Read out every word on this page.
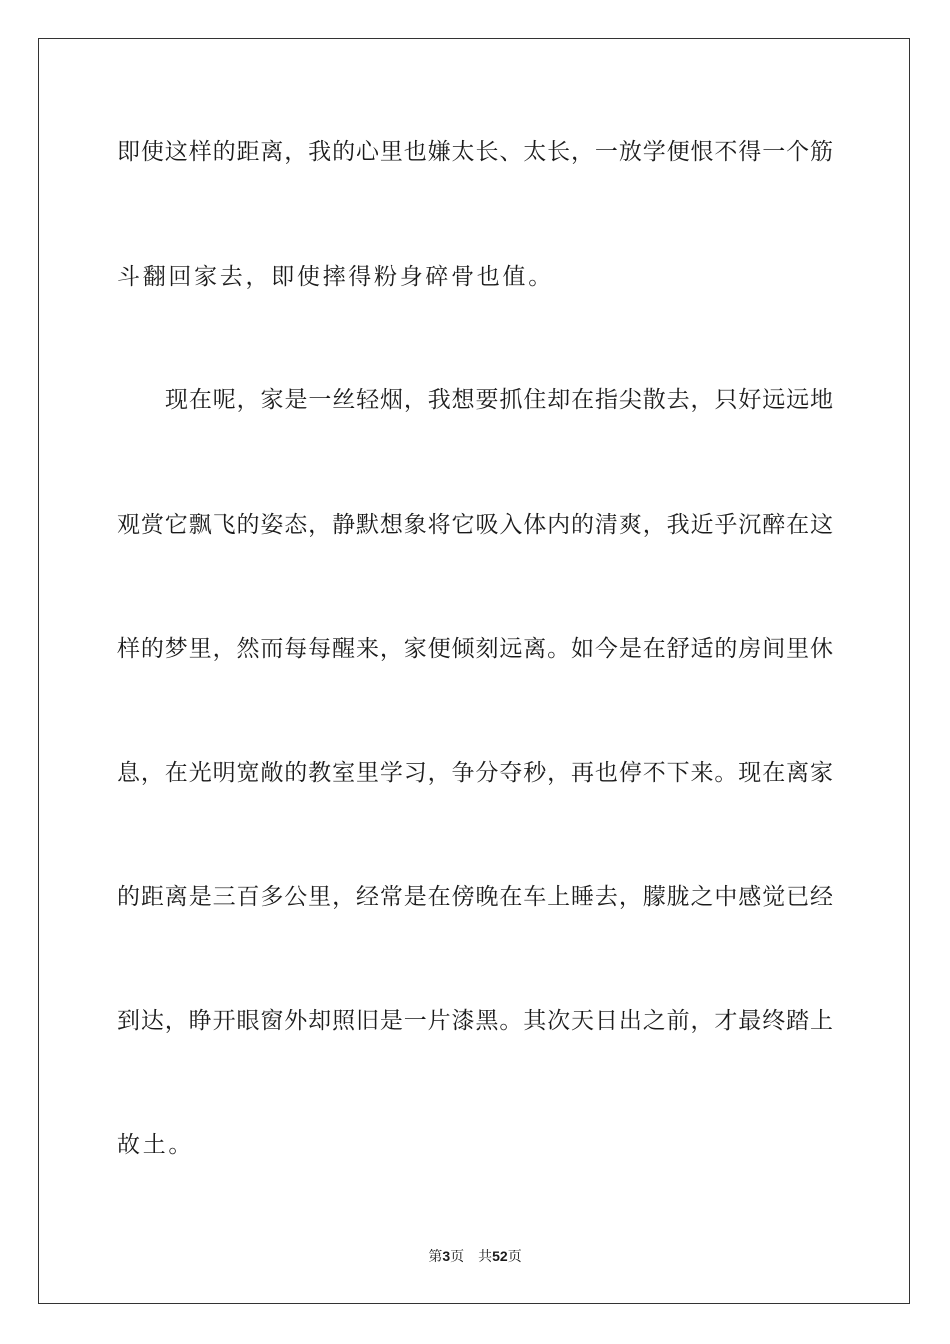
即使这样的距离，我的心里也嫌太长、太长，一放学便恨不得一个筋
斗翻回家去，即使摔得粉身碎骨也值。
现在呢，家是一丝轻烟，我想要抓住却在指尖散去，只好远远地
观赏它飘飞的姿态，静默想象将它吸入体内的清爽，我近乎沉醉在这
样的梦里，然而每每醒来，家便倾刻远离。如今是在舒适的房间里休
息，在光明宽敞的教室里学习，争分夺秒，再也停不下来。现在离家
的距离是三百多公里，经常是在傍晚在车上睡去，朦胧之中感觉已经
到达，睁开眼窗外却照旧是一片漆黑。其次天日出之前，才最终踏上
故土。
第3页 共52页
